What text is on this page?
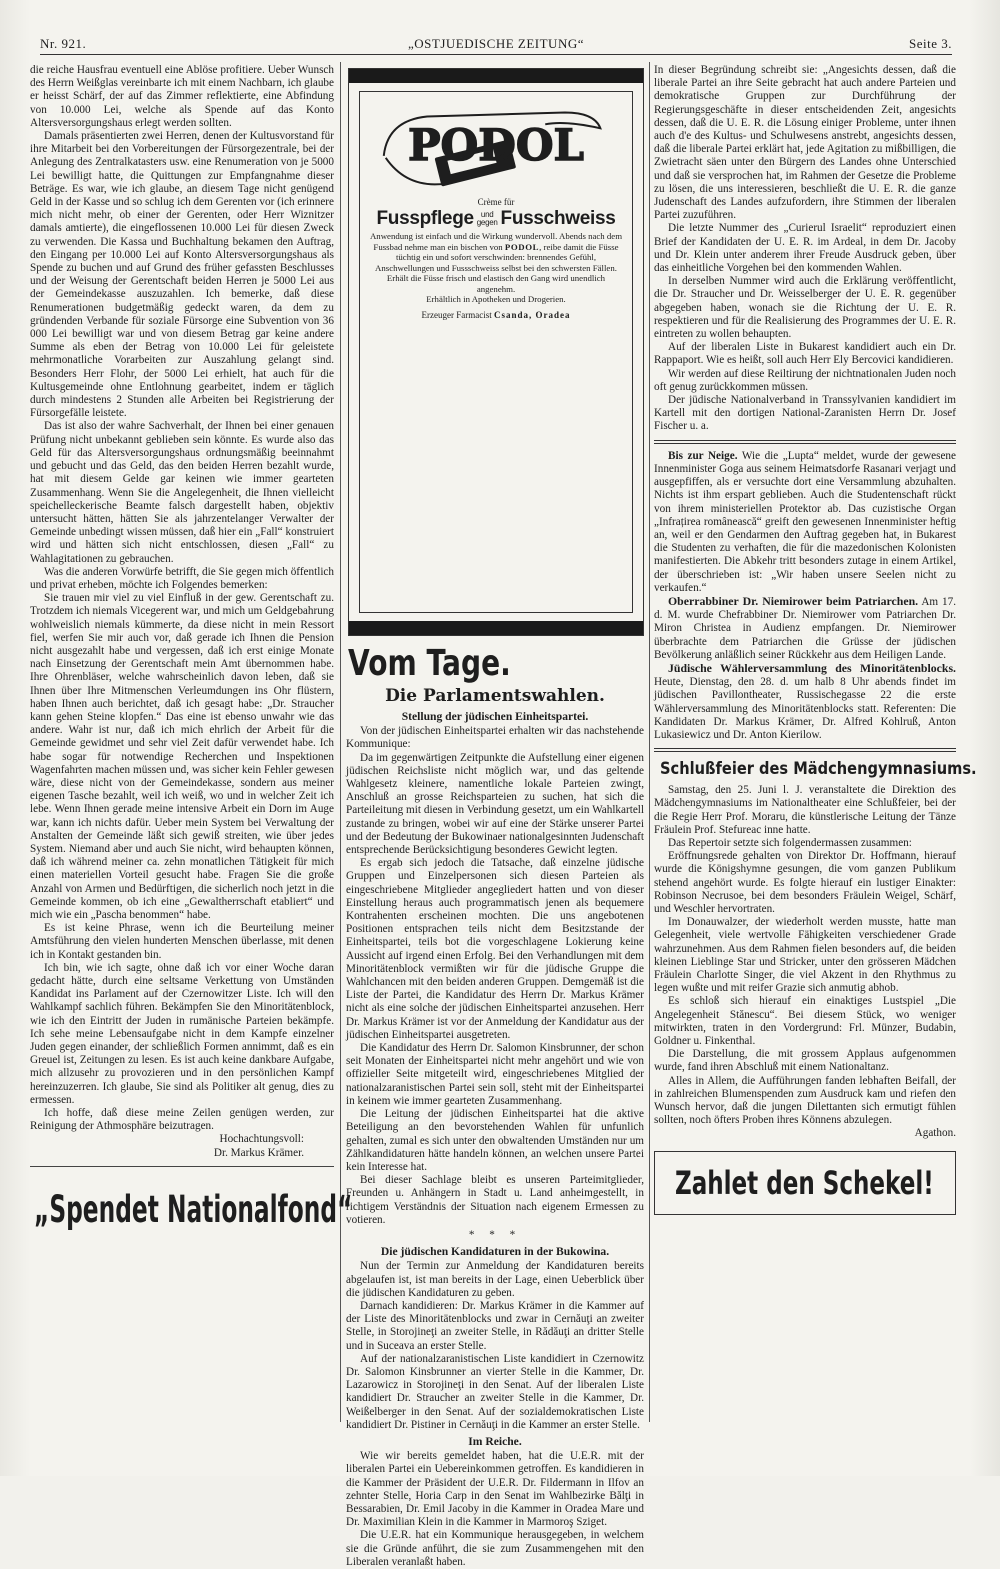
Nr. 921.	„OSTJUEDISCHE ZEITUNG“	Seite 3.

die reiche Hausfrau eventuell eine Ablöse profitiere. Ueber Wunsch des Herrn Weißglas vereinbarte ich mit einem Nachbarn, ich glaube er heisst Schärf, der auf das Zimmer reflektierte, eine Abfindung von 10.000 Lei, welche als Spende auf das Konto Altersversorgungshaus erlegt werden sollten.

Damals präsentierten zwei Herren, denen der Kultusvorstand für ihre Mitarbeit bei den Vorbereitungen der Fürsorgezentrale, bei der Anlegung des Zentralkatasters usw. eine Renumeration von je 5000 Lei bewilligt hatte, die Quittungen zur Empfangnahme dieser Beträge. Es war, wie ich glaube, an diesem Tage nicht genügend Geld in der Kasse und so schlug ich dem Gerenten vor (ich erinnere mich nicht mehr, ob einer der Gerenten, oder Herr Wiznitzer damals amtierte), die eingeflossenen 10.000 Lei für diesen Zweck zu verwenden. Die Kassa und Buchhaltung bekamen den Auftrag, den Eingang per 10.000 Lei auf Konto Altersversorgungshaus als Spende zu buchen und auf Grund des früher gefassten Beschlusses und der Weisung der Gerentschaft beiden Herren je 5000 Lei aus der Gemeindekasse auszuzahlen. Ich bemerke, daß diese Renumerationen budgetmäßig gedeckt waren, da dem zu gründenden Verbande für soziale Fürsorge eine Subvention von 36 000 Lei bewilligt war und von diesem Betrag gar keine andere Summe als eben der Betrag von 10.000 Lei für geleistete mehrmonatliche Vorarbeiten zur Auszahlung gelangt sind. Besonders Herr Flohr, der 5000 Lei erhielt, hat auch für die Kultusgemeinde ohne Entlohnung gearbeitet, indem er täglich durch mindestens 2 Stunden alle Arbeiten bei Registrierung der Fürsorgefälle leistete.

Das ist also der wahre Sachverhalt, der Ihnen bei einer genauen Prüfung nicht unbekannt geblieben sein könnte. Es wurde also das Geld für das Altersversorgungshaus ordnungsmäßig beeinnahmt und gebucht und das Geld, das den beiden Herren bezahlt wurde, hat mit diesem Gelde gar keinen wie immer gearteten Zusammenhang. Wenn Sie die Angelegenheit, die Ihnen vielleicht speichelleckerische Beamte falsch dargestellt haben, objektiv untersucht hätten, hätten Sie als jahrzentelanger Verwalter der Gemeinde unbedingt wissen müssen, daß hier ein „Fall“ konstruiert wird und hätten sich nicht entschlossen, diesen „Fall“ zu Wahlagitationen zu gebrauchen.

Was die anderen Vorwürfe betrifft, die Sie gegen mich öffentlich und privat erheben, möchte ich Folgendes bemerken:

Sie trauen mir viel zu viel Einfluß in der gew. Gerentschaft zu. Trotzdem ich niemals Vicegerent war, und mich um Geldgebahrung wohlweislich niemals kümmerte, da diese nicht in mein Ressort fiel, werfen Sie mir auch vor, daß gerade ich Ihnen die Pension nicht ausgezahlt habe und vergessen, daß ich erst einige Monate nach Einsetzung der Gerentschaft mein Amt übernommen habe. Ihre Ohrenbläser, welche wahrscheinlich davon leben, daß sie Ihnen über Ihre Mitmenschen Verleumdungen ins Ohr flüstern, haben Ihnen auch berichtet, daß ich gesagt habe: „Dr. Straucher kann gehen Steine klopfen.“ Das eine ist ebenso unwahr wie das andere. Wahr ist nur, daß ich mich ehrlich der Arbeit für die Gemeinde gewidmet und sehr viel Zeit dafür verwendet habe. Ich habe sogar für notwendige Recherchen und Inspektionen Wagenfahrten machen müssen und, was sicher kein Fehler gewesen wäre, diese nicht von der Gemeindekasse, sondern aus meiner eigenen Tasche bezahlt, weil ich weiß, wo und in welcher Zeit ich lebe. Wenn Ihnen gerade meine intensive Arbeit ein Dorn im Auge war, kann ich nichts dafür. Ueber mein System bei Verwaltung der Anstalten der Gemeinde läßt sich gewiß streiten, wie über jedes System. Niemand aber und auch Sie nicht, wird behaupten können, daß ich während meiner ca. zehn monatlichen Tätigkeit für mich einen materiellen Vorteil gesucht habe. Fragen Sie die große Anzahl von Armen und Bedürftigen, die sicherlich noch jetzt in die Gemeinde kommen, ob ich eine „Gewaltherrschaft etabliert“ und mich wie ein „Pascha benommen“ habe.

Es ist keine Phrase, wenn ich die Beurteilung meiner Amtsführung den vielen hunderten Menschen überlasse, mit denen ich in Kontakt gestanden bin.

Ich bin, wie ich sagte, ohne daß ich vor einer Woche daran gedacht hätte, durch eine seltsame Verkettung von Umständen Kandidat ins Parlament auf der Czernowitzer Liste. Ich will den Wahlkampf sachlich führen. Bekämpfen Sie den Minoritätenblock, wie ich den Eintritt der Juden in rumänische Parteien bekämpfe. Ich sehe meine Lebensaufgabe nicht in dem Kampfe einzelner Juden gegen einander, der schließlich Formen annimmt, daß es ein Greuel ist, Zeitungen zu lesen. Es ist auch keine dankbare Aufgabe, mich allzusehr zu provozieren und in den persönlichen Kampf hereinzuzerren. Ich glaube, Sie sind als Politiker alt genug, dies zu ermessen.

Ich hoffe, daß diese meine Zeilen genügen werden, zur Reinigung der Athmosphäre beizutragen.

Hochachtungsvoll:

Dr. Markus Krämer.

„Spendet Nationalfond“
PODOL
Crème für
Fusspflege und
gegen Fusschweiss
Anwendung ist einfach und die Wirkung wundervoll. Abends nach dem Fussbad nehme man ein bischen von PODOL, reibe damit die Füsse tüchtig ein und sofort verschwinden: brennendes Gefühl, Anschwellungen und Fussschweiss selbst bei den schwersten Fällen. Erhält die Füsse frisch und elastisch den Gang wird unendlich angenehm.
Erhältlich in Apotheken und Drogerien.
Erzeuger Farmacist Csanda, Oradea
Vom Tage.
Die Parlamentswahlen.
Stellung der jüdischen Einheitspartei.

Von der jüdischen Einheitspartei erhalten wir das nachstehende Kommunique:

Da im gegenwärtigen Zeitpunkte die Aufstellung einer eigenen jüdischen Reichsliste nicht möglich war, und das geltende Wahlgesetz kleinere, namentliche lokale Parteien zwingt, Anschluß an grosse Reichsparteien zu suchen, hat sich die Parteileitung mit diesen in Verbindung gesetzt, um ein Wahlkartell zustande zu bringen, wobei wir auf eine der Stärke unserer Partei und der Bedeutung der Bukowinaer nationalgesinnten Judenschaft entsprechende Berücksichtigung besonderes Gewicht legten.

Es ergab sich jedoch die Tatsache, daß einzelne jüdische Gruppen und Einzelpersonen sich diesen Parteien als eingeschriebene Mitglieder angegliedert hatten und von dieser Einstellung heraus auch programmatisch jenen als bequemere Kontrahenten erscheinen mochten. Die uns angebotenen Positionen entsprachen teils nicht dem Besitzstande der Einheitspartei, teils bot die vorgeschlagene Lokierung keine Aussicht auf irgend einen Erfolg. Bei den Verhandlungen mit dem Minoritätenblock vermißten wir für die jüdische Gruppe die Wahlchancen mit den beiden anderen Gruppen. Demgemäß ist die Liste der Partei, die Kandidatur des Herrn Dr. Markus Krämer nicht als eine solche der jüdischen Einheitspartei anzusehen. Herr Dr. Markus Krämer ist vor der Anmeldung der Kandidatur aus der jüdischen Einheitspartei ausgetreten.

Die Kandidatur des Herrn Dr. Salomon Kinsbrunner, der schon seit Monaten der Einheitspartei nicht mehr angehört und wie von offizieller Seite mitgeteilt wird, eingeschriebenes Mitglied der nationalzaranistischen Partei sein soll, steht mit der Einheitspartei in keinem wie immer gearteten Zusammenhang.

Die Leitung der jüdischen Einheitspartei hat die aktive Beteiligung an den bevorstehenden Wahlen für unfunlich gehalten, zumal es sich unter den obwaltenden Umständen nur um Zählkandidaturen hätte handeln können, an welchen unsere Partei kein Interesse hat.

Bei dieser Sachlage bleibt es unseren Parteimitglieder, Freunden u. Anhängern in Stadt u. Land anheimgestellt, in richtigem Verständnis der Situation nach eigenem Ermessen zu votieren.

* * *
Die jüdischen Kandidaturen in der Bukowina.

Nun der Termin zur Anmeldung der Kandidaturen bereits abgelaufen ist, ist man bereits in der Lage, einen Ueberblick über die jüdischen Kandidaturen zu geben.

Darnach kandidieren: Dr. Markus Krämer in die Kammer auf der Liste des Minoritätenblocks und zwar in Cernăuţi an zweiter Stelle, in Storojineţi an zweiter Stelle, in Rădăuţi an dritter Stelle und in Suceava an erster Stelle.

Auf der nationalzaranistischen Liste kandidiert in Czernowitz Dr. Salomon Kinsbrunner an vierter Stelle in die Kammer, Dr. Lazarowicz in Storojineţi in den Senat. Auf der liberalen Liste kandidiert Dr. Straucher an zweiter Stelle in die Kammer, Dr. Weißelberger in den Senat. Auf der sozialdemokratischen Liste kandidiert Dr. Pistiner in Cernăuţi in die Kammer an erster Stelle.

Im Reiche.

Wie wir bereits gemeldet haben, hat die U.E.R. mit der liberalen Partei ein Uebereinkommen getroffen. Es kandidieren in die Kammer der Präsident der U.E.R. Dr. Fildermann in Ilfov an zehnter Stelle, Horia Carp in den Senat im Wahlbezirke Bălţi in Bessarabien, Dr. Emil Jacoby in die Kammer in Oradea Mare und Dr. Maximilian Klein in die Kammer in Marmoroş Sziget.

Die U.E.R. hat ein Kommunique herausgegeben, in welchem sie die Gründe anführt, die sie zum Zusammengehen mit den Liberalen veranlaßt haben.

In dieser Begründung schreibt sie: „Angesichts dessen, daß die liberale Partei an ihre Seite gebracht hat auch andere Parteien und demokratische Gruppen zur Durchführung der Regierungsgeschäfte in dieser entscheidenden Zeit, angesichts dessen, daß die U. E. R. die Lösung einiger Probleme, unter ihnen auch d'e des Kultus- und Schulwesens anstrebt, angesichts dessen, daß die liberale Partei erklärt hat, jede Agitation zu mißbilligen, die Zwietracht säen unter den Bürgern des Landes ohne Unterschied und daß sie versprochen hat, im Rahmen der Gesetze die Probleme zu lösen, die uns interessieren, beschließt die U. E. R. die ganze Judenschaft des Landes aufzufordern, ihre Stimmen der liberalen Partei zuzuführen.

Die letzte Nummer des „Curierul Israelit“ reproduziert einen Brief der Kandidaten der U. E. R. im Ardeal, in dem Dr. Jacoby und Dr. Klein unter anderem ihrer Freude Ausdruck geben, über das einheitliche Vorgehen bei den kommenden Wahlen.

In derselben Nummer wird auch die Erklärung veröffentlicht, die Dr. Straucher und Dr. Weisselberger der U. E. R. gegenüber abgegeben haben, wonach sie die Richtung der U. E. R. respektieren und für die Realisierung des Programmes der U. E. R. eintreten zu wollen behaupten.

Auf der liberalen Liste in Bukarest kandidiert auch ein Dr. Rappaport. Wie es heißt, soll auch Herr Ely Bercovici kandidieren.

Wir werden auf diese Reiltirung der nichtnationalen Juden noch oft genug zurückkommen müssen.

Der jüdische Nationalverband in Transsylvanien kandidiert im Kartell mit den dortigen National-Zaranisten Herrn Dr. Josef Fischer u. a.

Bis zur Neige. Wie die „Lupta“ meldet, wurde der gewesene Innenminister Goga aus seinem Heimatsdorfe Rasanari verjagt und ausgepfiffen, als er versuchte dort eine Versammlung abzuhalten. Nichts ist ihm erspart geblieben. Auch die Studentenschaft rückt von ihrem ministeriellen Protektor ab. Das cuzistische Organ „Infrațirea românească“ greift den gewesenen Innenminister heftig an, weil er den Gendarmen den Auftrag gegeben hat, in Bukarest die Studenten zu verhaften, die für die mazedonischen Kolonisten manifestierten. Die Abkehr tritt besonders zutage in einem Artikel, der überschrieben ist: „Wir haben unsere Seelen nicht zu verkaufen.“

Oberrabbiner Dr. Niemirower beim Patriarchen. Am 17. d. M. wurde Chefrabbiner Dr. Niemirower vom Patriarchen Dr. Miron Christea in Audienz empfangen. Dr. Niemirower überbrachte dem Patriarchen die Grüsse der jüdischen Bevölkerung anläßlich seiner Rückkehr aus dem Heiligen Lande.

Jüdische Wählerversammlung des Minoritätenblocks. Heute, Dienstag, den 28. d. um halb 8 Uhr abends findet im jüdischen Pavillontheater, Russischegasse 22 die erste Wählerversammlung des Minoritätenblocks statt. Referenten: Die Kandidaten Dr. Markus Krämer, Dr. Alfred Kohlruß, Anton Lukasiewicz und Dr. Anton Kierilow.

Schlußfeier des Mädchengymnasiums.

Samstag, den 25. Juni l. J. veranstaltete die Direktion des Mädchengymnasiums im Nationaltheater eine Schlußfeier, bei der die Regie Herr Prof. Moraru, die künstlerische Leitung der Tänze Fräulein Prof. Stefureac inne hatte.

Das Repertoir setzte sich folgendermassen zusammen:

Eröffnungsrede gehalten von Direktor Dr. Hoffmann, hierauf wurde die Königshymne gesungen, die vom ganzen Publikum stehend angehört wurde. Es folgte hierauf ein lustiger Einakter: Robinson Necrusoe, bei dem besonders Fräulein Weigel, Schärf, und Weschler hervortraten.

Im Donauwalzer, der wiederholt werden musste, hatte man Gelegenheit, viele wertvolle Fähigkeiten verschiedener Grade wahrzunehmen. Aus dem Rahmen fielen besonders auf, die beiden kleinen Lieblinge Star und Stricker, unter den grösseren Mädchen Fräulein Charlotte Singer, die viel Akzent in den Rhythmus zu legen wußte und mit reifer Grazie sich anmutig abhob.

Es schloß sich hierauf ein einaktiges Lustspiel „Die Angelegenheit Stănescu“. Bei diesem Stück, wo weniger mitwirkten, traten in den Vordergrund: Frl. Münzer, Budabin, Goldner u. Finkenthal.

Die Darstellung, die mit grossem Applaus aufgenommen wurde, fand ihren Abschluß mit einem Nationaltanz.

Alles in Allem, die Aufführungen fanden lebhaften Beifall, der in zahlreichen Blumenspenden zum Ausdruck kam und riefen den Wunsch hervor, daß die jungen Dilettanten sich ermutigt fühlen sollten, noch öfters Proben ihres Könnens abzulegen.

Agathon.

Zahlet den Schekel!
